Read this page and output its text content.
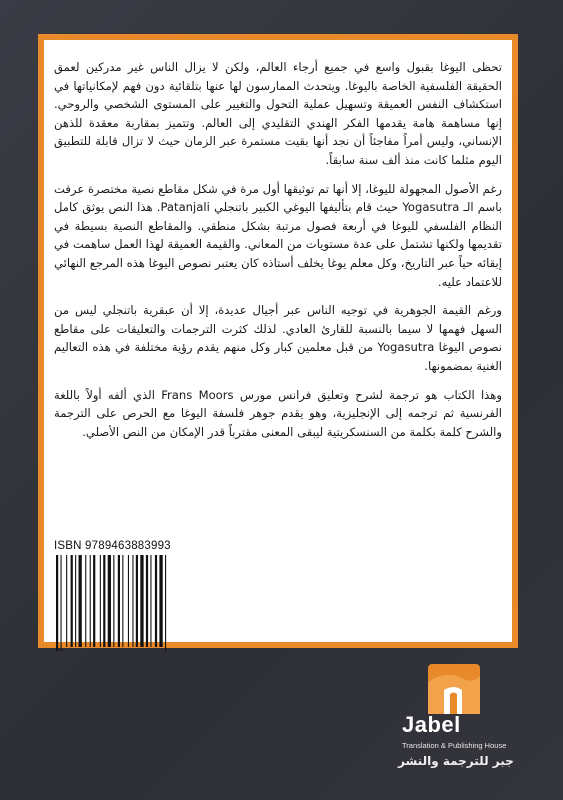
تحظى اليوغا بقبول واسع في جميع أرجاء العالم، ولكن لا يزال الناس غير مدركين لعمق الحقيقة الفلسفية الخاصة باليوغا. ويتحدث الممارسون لها عنها بتلقائية دون فهم لإمكانياتها في استكشاف النفس العميقة وتسهيل عملية التحول والتغيير على المستوى الشخصي والروحي. إنها مساهمة هامة يقدمها الفكر الهندي التقليدي إلى العالم. وتتميز بمقاربة معقدة للذهن الإنساني، وليس أمراً مفاجئاً أن نجد أنها بقيت مستمرة عبر الزمان حيث لا تزال قابلة للتطبيق اليوم مثلما كانت منذ ألف سنة سابقاً.

رغم الأصول المجهولة لليوغا، إلا أنها تم توثيقها أول مرة في شكل مقاطع نصية مختصرة عرفت باسم الـ Yogasutra حيث قام بتأليفها اليوغي الكبير باتنجلي Patanjali. هذا النص يوثق كامل النظام الفلسفي لليوغا في أربعة فصول مرتبة بشكل منطقي. والمقاطع النصية بسيطة في تقديمها ولكنها تشتمل على عدة مستويات من المعاني. والقيمة العميقة لهذا العمل ساهمت في إبقائه حياً عبر التاريخ، وكل معلم يوغا يخلف أستاذه كان يعتبر نصوص اليوغا هذه المرجع النهائي للاعتماد عليه.

ورغم القيمة الجوهرية في توجيه الناس عبر أجيال عديدة، إلا أن عبقرية باتنجلي ليس من السهل فهمها لا سيما بالنسبة للقارئ العادي. لذلك كثرت الترجمات والتعليقات على مقاطع نصوص اليوغا Yogasutra من قبل معلمين كبار وكل منهم يقدم رؤية مختلفة في هذه التعاليم الغنية بمضمونها.

وهذا الكتاب هو ترجمة لشرح وتعليق فرانس مورس Frans Moors الذي ألفه أولاً باللغة الفرنسية ثم ترجمه إلى الإنجليزية، وهو يقدم جوهر فلسفة اليوغا مع الحرص على الترجمة والشرح كلمة بكلمة من السنسكريتية ليبقى المعنى مقترباً قدر الإمكان من النص الأصلي.

ISBN 9789463883993
Jabel
Translation & Publishing House
جبر للترجمة والنشر
